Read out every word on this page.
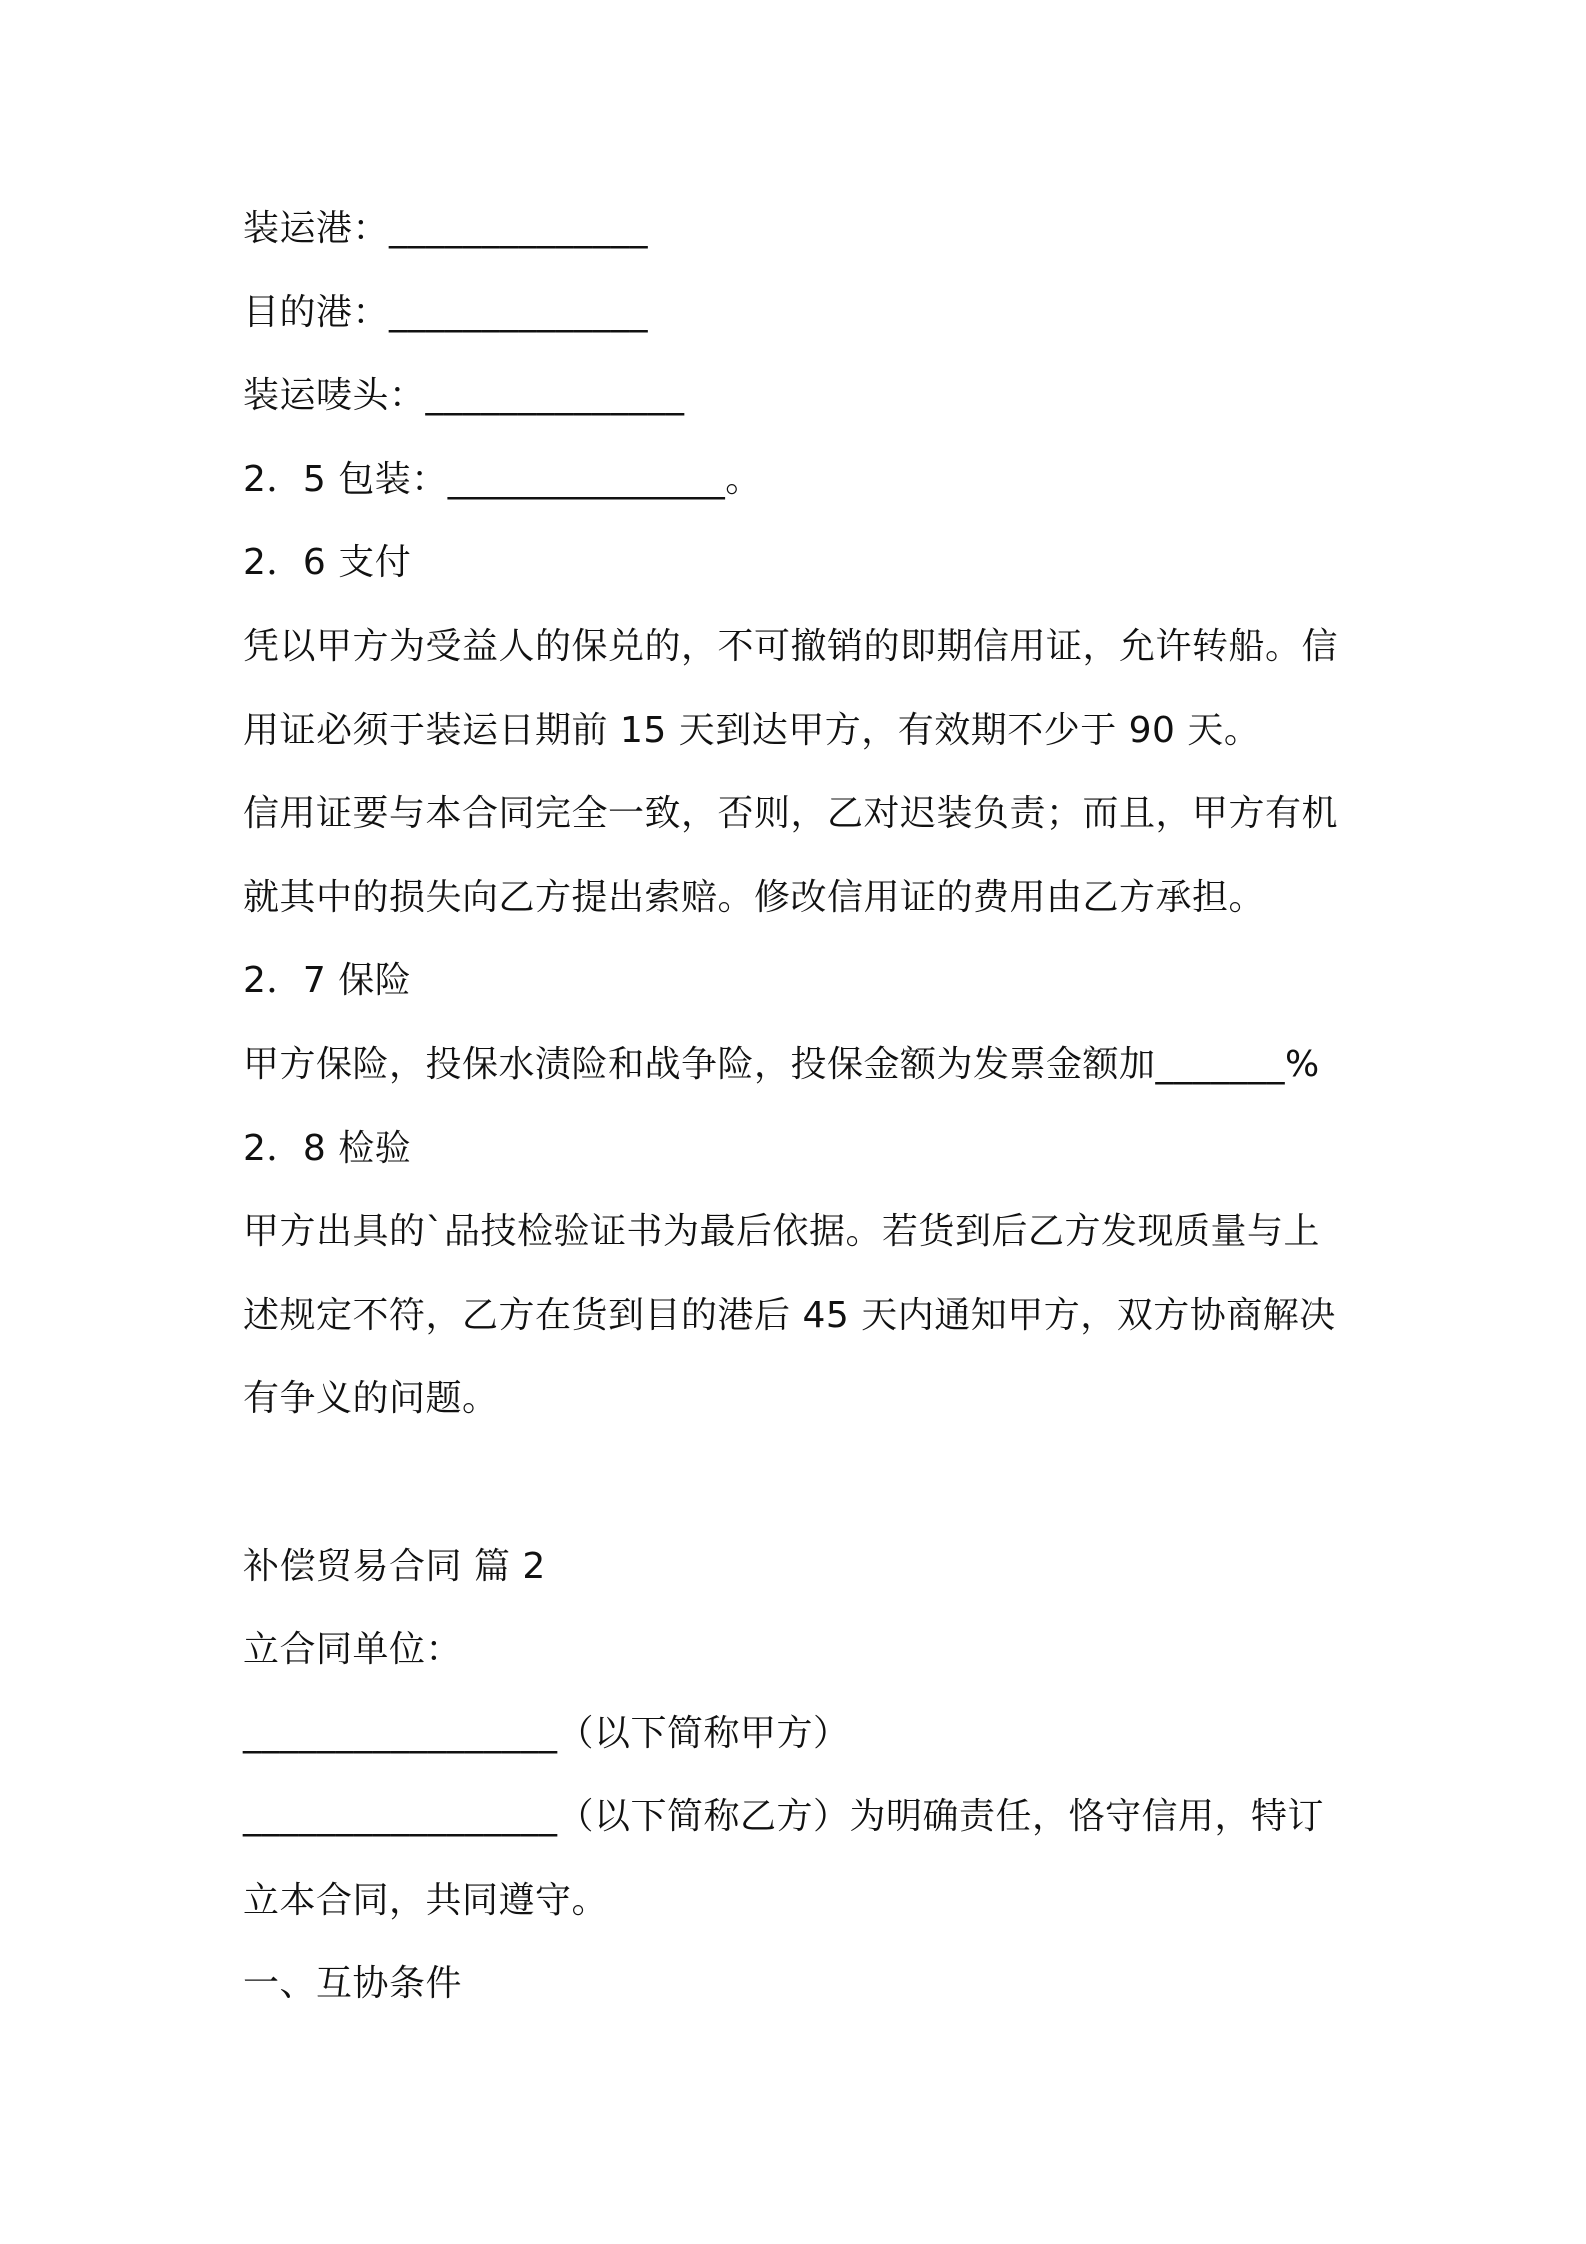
装运港：______________
目的港：______________
装运唛头：______________
2．5 包装：_______________。
2．6 支付
凭以甲方为受益人的保兑的，不可撤销的即期信用证，允许转船。信
用证必须于装运日期前 15 天到达甲方，有效期不少于 90 天。
信用证要与本合同完全一致，否则，乙对迟装负责；而且，甲方有机
就其中的损失向乙方提出索赔。修改信用证的费用由乙方承担。
2．7 保险
甲方保险，投保水渍险和战争险，投保金额为发票金额加_______%
2．8 检验
甲方出具的`品技检验证书为最后依据。若货到后乙方发现质量与上
述规定不符，乙方在货到目的港后 45 天内通知甲方，双方协商解决
有争义的问题。
补偿贸易合同 篇 2
立合同单位：
_________________（以下简称甲方）
_________________（以下简称乙方）为明确责任，恪守信用，特订
立本合同，共同遵守。
一、互协条件
